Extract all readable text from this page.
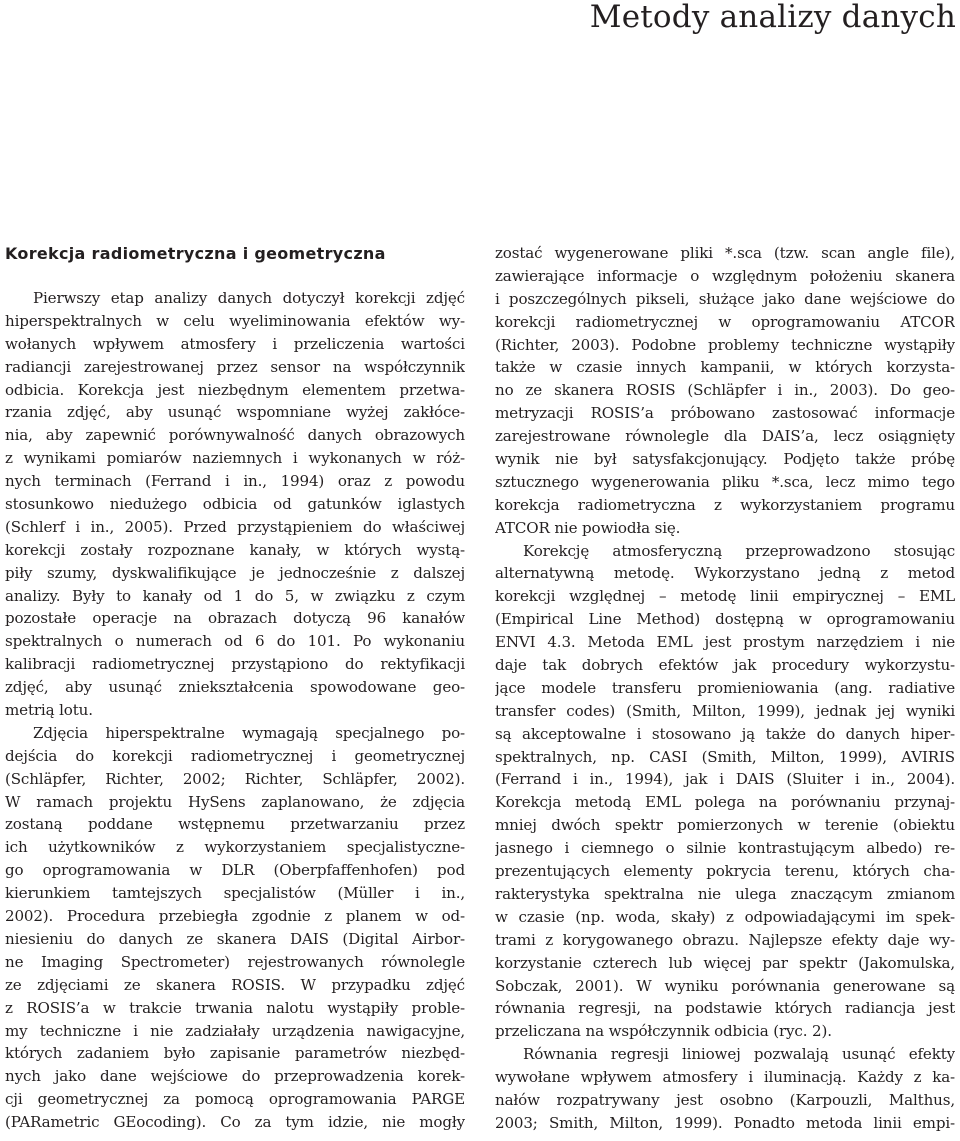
Metody analizy danych
Korekcja radiometryczna i geometryczna
Pierwszy etap analizy danych dotyczył korekcji zdjęć
hiperspektralnych w celu wyeliminowania efektów wy-
wołanych wpływem atmosfery i przeliczenia wartości
radiancji zarejestrowanej przez sensor na współczynnik
odbicia. Korekcja jest niezbędnym elementem przetwa-
rzania zdjęć, aby usunąć wspomniane wyżej zakłóce-
nia, aby zapewnić porównywalność danych obrazowych
z wynikami pomiarów naziemnych i wykonanych w róż-
nych terminach (Ferrand i in., 1994) oraz z powodu
stosunkowo niedużego odbicia od gatunków iglastych
(Schlerf i in., 2005). Przed przystąpieniem do właściwej
korekcji zostały rozpoznane kanały, w których wystą-
piły szumy, dyskwalifikujące je jednocześnie z dalszej
analizy. Były to kanały od 1 do 5, w związku z czym
pozostałe operacje na obrazach dotyczą 96 kanałów
spektralnych o numerach od 6 do 101. Po wykonaniu
kalibracji radiometrycznej przystąpiono do rektyfikacji
zdjęć, aby usunąć zniekształcenia spowodowane geo-
metrią lotu.
Zdjęcia hiperspektralne wymagają specjalnego po-
dejścia do korekcji radiometrycznej i geometrycznej
(Schläpfer, Richter, 2002; Richter, Schläpfer, 2002).
W ramach projektu HySens zaplanowano, że zdjęcia
zostaną poddane wstępnemu przetwarzaniu przez
ich użytkowników z wykorzystaniem specjalistyczne-
go oprogramowania w DLR (Oberpfaffenhofen) pod
kierunkiem tamtejszych specjalistów (Müller i in.,
2002). Procedura przebiegła zgodnie z planem w od-
niesieniu do danych ze skanera DAIS (Digital Airbor-
ne Imaging Spectrometer) rejestrowanych równolegle
ze zdjęciami ze skanera ROSIS. W przypadku zdjęć
z ROSIS’a w trakcie trwania nalotu wystąpiły proble-
my techniczne i nie zadziałały urządzenia nawigacyjne,
których zadaniem było zapisanie parametrów niezbęd-
nych jako dane wejściowe do przeprowadzenia korek-
cji geometrycznej za pomocą oprogramowania PARGE
(PARametric GEocoding). Co za tym idzie, nie mogły
zostać wygenerowane pliki *.sca (tzw. scan angle file),
zawierające informacje o względnym położeniu skanera
i poszczególnych pikseli, służące jako dane wejściowe do
korekcji radiometrycznej w oprogramowaniu ATCOR
(Richter, 2003). Podobne problemy techniczne wystąpiły
także w czasie innych kampanii, w których korzysta-
no ze skanera ROSIS (Schläpfer i in., 2003). Do geo-
metryzacji ROSIS’a próbowano zastosować informacje
zarejestrowane równolegle dla DAIS’a, lecz osiągnięty
wynik nie był satysfakcjonujący. Podjęto także próbę
sztucznego wygenerowania pliku *.sca, lecz mimo tego
korekcja radiometryczna z wykorzystaniem programu
ATCOR nie powiodła się.
Korekcję atmosferyczną przeprowadzono stosując
alternatywną metodę. Wykorzystano jedną z metod
korekcji względnej – metodę linii empirycznej – EML
(Empirical Line Method) dostępną w oprogramowaniu
ENVI 4.3. Metoda EML jest prostym narzędziem i nie
daje tak dobrych efektów jak procedury wykorzystu-
jące modele transferu promieniowania (ang. radiative
transfer codes) (Smith, Milton, 1999), jednak jej wyniki
są akceptowalne i stosowano ją także do danych hiper-
spektralnych, np. CASI (Smith, Milton, 1999), AVIRIS
(Ferrand i in., 1994), jak i DAIS (Sluiter i in., 2004).
Korekcja metodą EML polega na porównaniu przynaj-
mniej dwóch spektr pomierzonych w terenie (obiektu
jasnego i ciemnego o silnie kontrastującym albedo) re-
prezentujących elementy pokrycia terenu, których cha-
rakterystyka spektralna nie ulega znaczącym zmianom
w czasie (np. woda, skały) z odpowiadającymi im spek-
trami z korygowanego obrazu. Najlepsze efekty daje wy-
korzystanie czterech lub więcej par spektr (Jakomulska,
Sobczak, 2001). W wyniku porównania generowane są
równania regresji, na podstawie których radiancja jest
przeliczana na współczynnik odbicia (ryc. 2).
Równania regresji liniowej pozwalają usunąć efekty
wywołane wpływem atmosfery i iluminacją. Każdy z ka-
nałów rozpatrywany jest osobno (Karpouzli, Malthus,
2003; Smith, Milton, 1999). Ponadto metoda linii empi-
